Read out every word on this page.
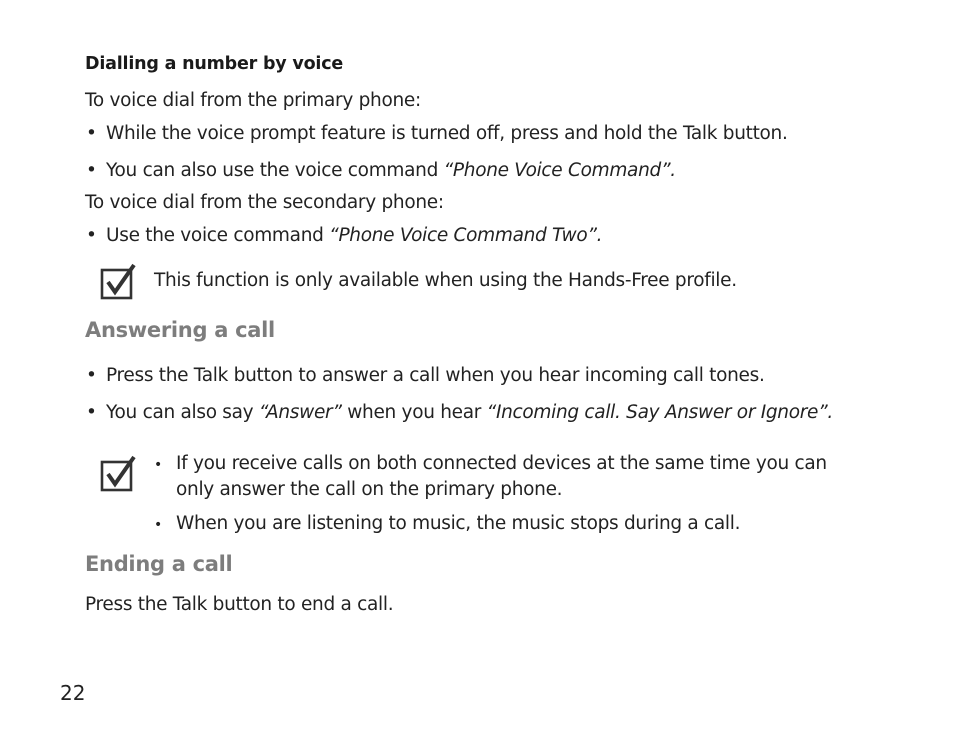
Dialling a number by voice

To voice dial from the primary phone:

• While the voice prompt feature is turned off, press and hold the Talk button.

• You can also use the voice command “Phone Voice Command”.

To voice dial from the secondary phone:

• Use the voice command “Phone Voice Command Two”.

This function is only available when using the Hands-Free profile.

Answering a call

• Press the Talk button to answer a call when you hear incoming call tones.

• You can also say “Answer” when you hear “Incoming call. Say Answer or Ignore”.

• If you receive calls on both connected devices at the same time you can

only answer the call on the primary phone.

• When you are listening to music, the music stops during a call.

Ending a call

Press the Talk button to end a call.

22
